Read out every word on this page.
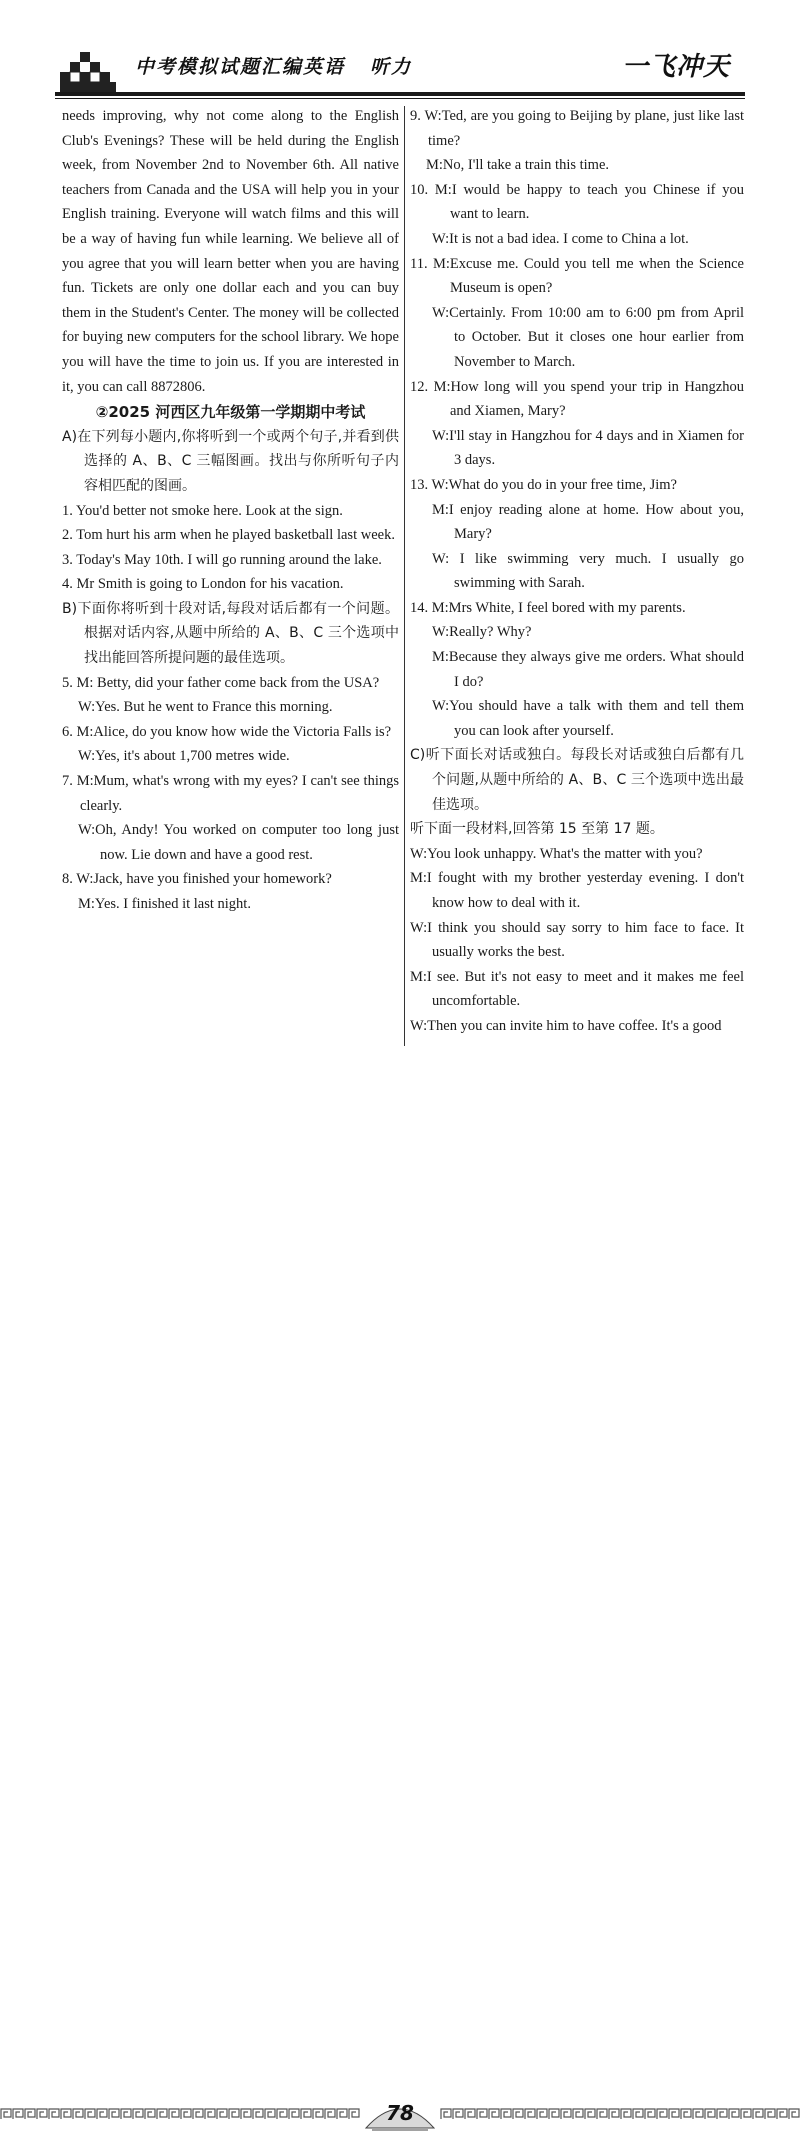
中考模拟试题汇编英语 听力	一飞冲天

needs improving, why not come along to the English Club's Evenings? These will be held during the English week, from November 2nd to November 6th. All native teachers from Canada and the USA will help you in your English training. Everyone will watch films and this will be a way of having fun while learning. We believe all of you agree that you will learn better when you are having fun. Tickets are only one dollar each and you can buy them in the Student's Center. The money will be collected for buying new computers for the school library. We hope you will have the time to join us. If you are interested in it, you can call 8872806.

②2025 河西区九年级第一学期期中考试

A)在下列每小题内,你将听到一个或两个句子,并看到供选择的 A、B、C 三幅图画。找出与你所听句子内容相匹配的图画。

1. You'd better not smoke here. Look at the sign.

2. Tom hurt his arm when he played basketball last week.

3. Today's May 10th. I will go running around the lake.

4. Mr Smith is going to London for his vacation.

B)下面你将听到十段对话,每段对话后都有一个问题。根据对话内容,从题中所给的 A、B、C 三个选项中找出能回答所提问题的最佳选项。

5. M: Betty, did your father come back from the USA?

W:Yes. But he went to France this morning.

6. M:Alice, do you know how wide the Victoria Falls is?

W:Yes, it's about 1,700 metres wide.

7. M:Mum, what's wrong with my eyes? I can't see things clearly.

W:Oh, Andy! You worked on computer too long just now. Lie down and have a good rest.

8. W:Jack, have you finished your homework?

M:Yes. I finished it last night.

9. W:Ted, are you going to Beijing by plane, just like last time?

M:No, I'll take a train this time.

10. M:I would be happy to teach you Chinese if you want to learn.

W:It is not a bad idea. I come to China a lot.

11. M:Excuse me. Could you tell me when the Science Museum is open?

W:Certainly. From 10:00 am to 6:00 pm from April to October. But it closes one hour earlier from November to March.

12. M:How long will you spend your trip in Hangzhou and Xiamen, Mary?

W:I'll stay in Hangzhou for 4 days and in Xiamen for 3 days.

13. W:What do you do in your free time, Jim?

M:I enjoy reading alone at home. How about you, Mary?

W: I like swimming very much. I usually go swimming with Sarah.

14. M:Mrs White, I feel bored with my parents.

W:Really? Why?

M:Because they always give me orders. What should I do?

W:You should have a talk with them and tell them you can look after yourself.

C)听下面长对话或独白。每段长对话或独白后都有几个问题,从题中所给的 A、B、C 三个选项中选出最佳选项。

听下面一段材料,回答第 15 至第 17 题。

W:You look unhappy. What's the matter with you?

M:I fought with my brother yesterday evening. I don't know how to deal with it.

W:I think you should say sorry to him face to face. It usually works the best.

M:I see. But it's not easy to meet and it makes me feel uncomfortable.

W:Then you can invite him to have coffee. It's a good

78
